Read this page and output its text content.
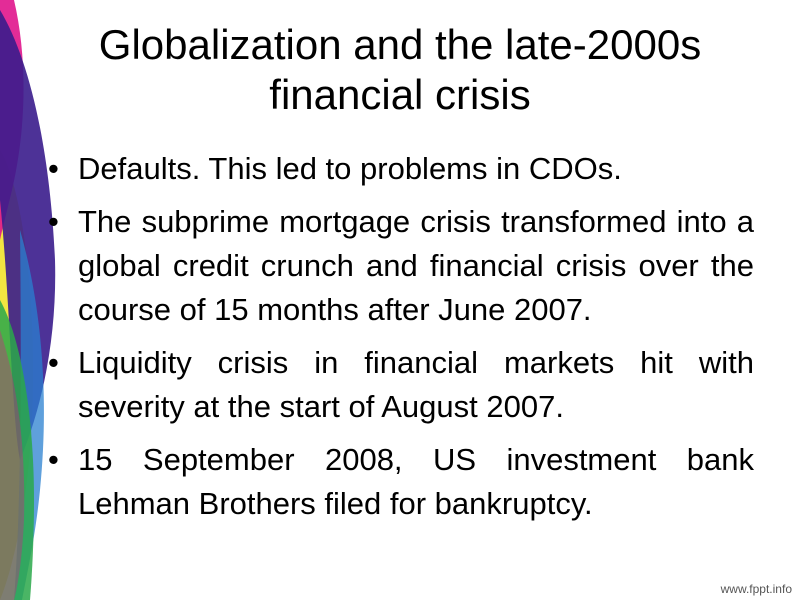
Globalization and the late-2000s financial crisis
• Defaults. This led to problems in CDOs.
• The subprime mortgage crisis transformed into a global credit crunch and financial crisis over the course of 15 months after June 2007.
• Liquidity crisis in financial markets hit with severity at the start of August 2007.
• 15 September 2008, US investment bank Lehman Brothers filed for bankruptcy.
www.fppt.info
